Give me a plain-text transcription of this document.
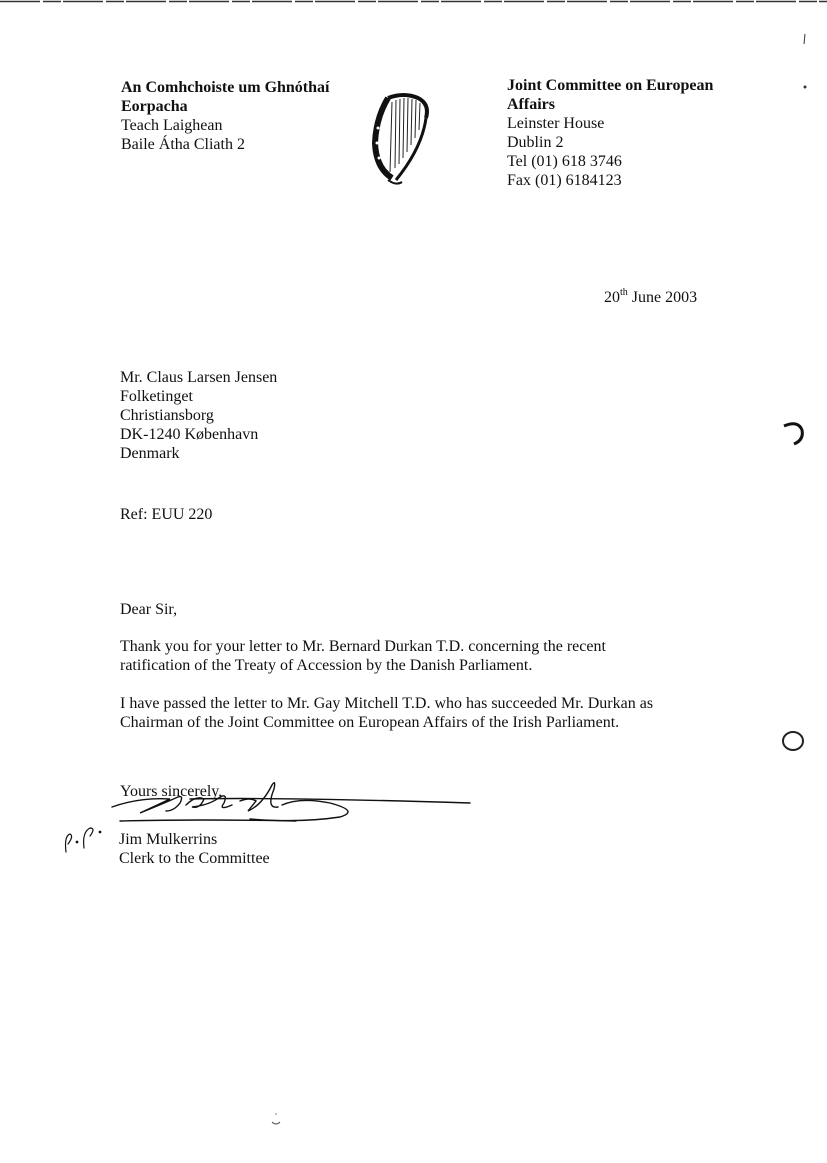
An Comhchoiste um Ghnóthaí
Eorpacha
Teach Laighean
Baile Átha Cliath 2
Joint Committee on European
Affairs
Leinster House
Dublin 2
Tel (01) 618 3746
Fax (01) 6184123
20th June 2003
Mr. Claus Larsen Jensen
Folketinget
Christiansborg
DK-1240 København
Denmark
Ref: EUU 220
Dear Sir,
Thank you for your letter to Mr. Bernard Durkan T.D. concerning the recent
ratification of the Treaty of Accession by the Danish Parliament.
I have passed the letter to Mr. Gay Mitchell T.D. who has succeeded Mr. Durkan as
Chairman of the Joint Committee on European Affairs of the Irish Parliament.
Yours sincerely,
Jim Mulkerrins
Clerk to the Committee
